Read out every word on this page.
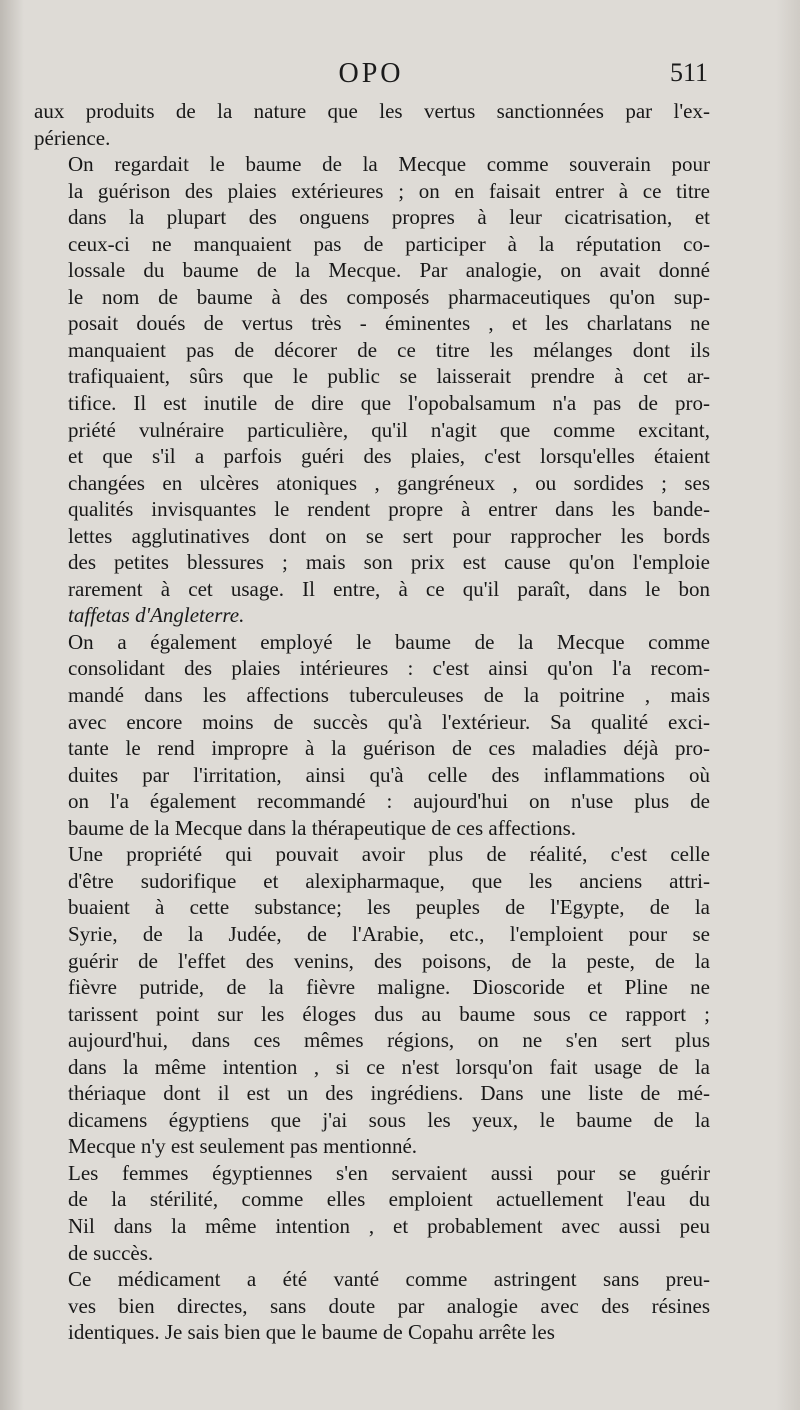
OPO	511

aux produits de la nature que les vertus sanctionnées par l'ex-
périence.

On regardait le baume de la Mecque comme souverain pour
la guérison des plaies extérieures ; on en faisait entrer à ce titre
dans la plupart des onguens propres à leur cicatrisation, et
ceux-ci ne manquaient pas de participer à la réputation co-
lossale du baume de la Mecque. Par analogie, on avait donné
le nom de baume à des composés pharmaceutiques qu'on sup-
posait doués de vertus très - éminentes , et les charlatans ne
manquaient pas de décorer de ce titre les mélanges dont ils
trafiquaient, sûrs que le public se laisserait prendre à cet ar-
tifice. Il est inutile de dire que l'opobalsamum n'a pas de pro-
priété vulnéraire particulière, qu'il n'agit que comme excitant,
et que s'il a parfois guéri des plaies, c'est lorsqu'elles étaient
changées en ulcères atoniques , gangréneux , ou sordides ; ses
qualités invisquantes le rendent propre à entrer dans les bande-
lettes agglutinatives dont on se sert pour rapprocher les bords
des petites blessures ; mais son prix est cause qu'on l'emploie
rarement à cet usage. Il entre, à ce qu'il paraît, dans le bon
taffetas d'Angleterre.

On a également employé le baume de la Mecque comme
consolidant des plaies intérieures : c'est ainsi qu'on l'a recom-
mandé dans les affections tuberculeuses de la poitrine , mais
avec encore moins de succès qu'à l'extérieur. Sa qualité exci-
tante le rend impropre à la guérison de ces maladies déjà pro-
duites par l'irritation, ainsi qu'à celle des inflammations où
on l'a également recommandé : aujourd'hui on n'use plus de
baume de la Mecque dans la thérapeutique de ces affections.

Une propriété qui pouvait avoir plus de réalité, c'est celle
d'être sudorifique et alexipharmaque, que les anciens attri-
buaient à cette substance; les peuples de l'Egypte, de la
Syrie, de la Judée, de l'Arabie, etc., l'emploient pour se
guérir de l'effet des venins, des poisons, de la peste, de la
fièvre putride, de la fièvre maligne. Dioscoride et Pline ne
tarissent point sur les éloges dus au baume sous ce rapport ;
aujourd'hui, dans ces mêmes régions, on ne s'en sert plus
dans la même intention , si ce n'est lorsqu'on fait usage de la
thériaque dont il est un des ingrédiens. Dans une liste de mé-
dicamens égyptiens que j'ai sous les yeux, le baume de la
Mecque n'y est seulement pas mentionné.

Les femmes égyptiennes s'en servaient aussi pour se guérir
de la stérilité, comme elles emploient actuellement l'eau du
Nil dans la même intention , et probablement avec aussi peu
de succès.

Ce médicament a été vanté comme astringent sans preu-
ves bien directes, sans doute par analogie avec des résines
identiques. Je sais bien que le baume de Copahu arrête les
